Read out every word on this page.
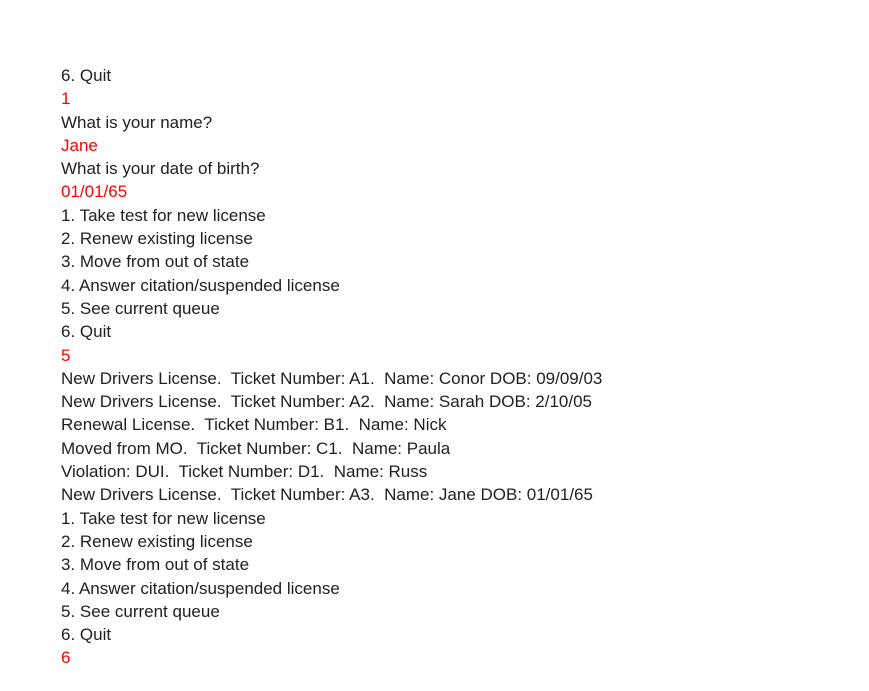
6. Quit
1
What is your name?
Jane
What is your date of birth?
01/01/65
1. Take test for new license
2. Renew existing license
3. Move from out of state
4. Answer citation/suspended license
5. See current queue
6. Quit
5
New Drivers License.  Ticket Number: A1.  Name: Conor DOB: 09/09/03
New Drivers License.  Ticket Number: A2.  Name: Sarah DOB: 2/10/05
Renewal License.  Ticket Number: B1.  Name: Nick
Moved from MO.  Ticket Number: C1.  Name: Paula
Violation: DUI.  Ticket Number: D1.  Name: Russ
New Drivers License.  Ticket Number: A3.  Name: Jane DOB: 01/01/65
1. Take test for new license
2. Renew existing license
3. Move from out of state
4. Answer citation/suspended license
5. See current queue
6. Quit
6
